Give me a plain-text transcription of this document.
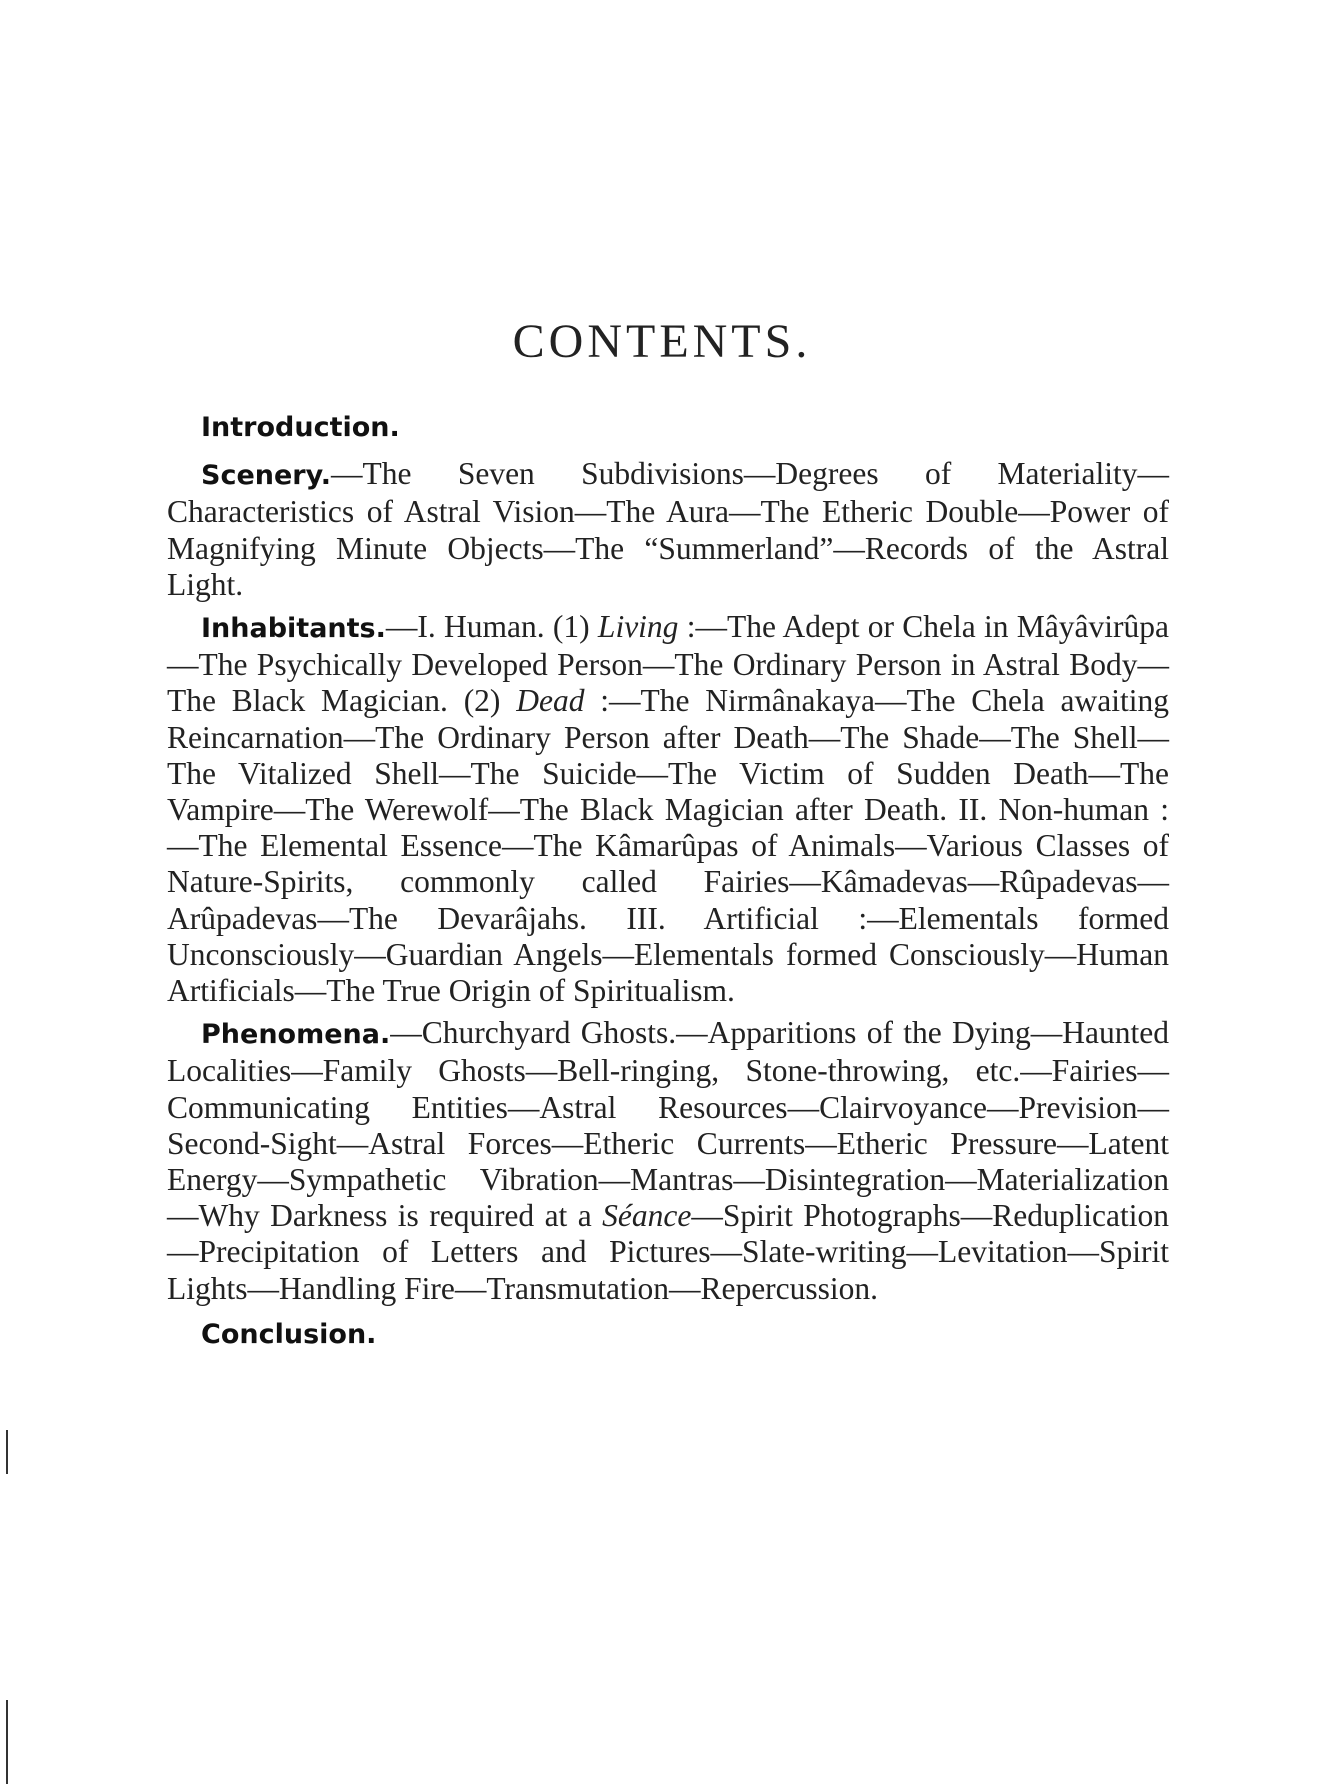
CONTENTS.

Introduction.

Scenery.—The Seven Subdivisions—Degrees of Materiality—Characteristics of Astral Vision—The Aura—The Etheric Double—Power of Magnifying Minute Objects—The “Summerland”—Records of the Astral Light.

Inhabitants.—I. Human. (1) Living :—The Adept or Chela in Mâyâvirûpa—The Psychically Developed Person—The Ordinary Person in Astral Body—The Black Magician. (2) Dead :—The Nirmânakaya—The Chela awaiting Reincarnation—The Ordinary Person after Death—The Shade—The Shell—The Vitalized Shell—The Suicide—The Victim of Sudden Death—The Vampire—The Werewolf—The Black Magician after Death. II. Non-human :—The Elemental Essence—The Kâmarûpas of Animals—Various Classes of Nature-Spirits, commonly called Fairies—Kâmadevas—Rûpadevas—Arûpadevas—The Devarâjahs. III. Artificial :—Elementals formed Unconsciously—Guardian Angels—Elementals formed Consciously—Human Artificials—The True Origin of Spiritualism.

Phenomena.—Churchyard Ghosts.—Apparitions of the Dying—Haunted Localities—Family Ghosts—Bell-ringing, Stone-throwing, etc.—Fairies—Communicating Entities—Astral Resources—Clairvoyance—Prevision—Second-Sight—Astral Forces—Etheric Currents—Etheric Pressure—Latent Energy—Sympathetic Vibration—Mantras—Disintegration—Materialization—Why Darkness is required at a Séance—Spirit Photographs—Reduplication—Precipitation of Letters and Pictures—Slate-writing—Levitation—Spirit Lights—Handling Fire—Transmutation—Repercussion.

Conclusion.
